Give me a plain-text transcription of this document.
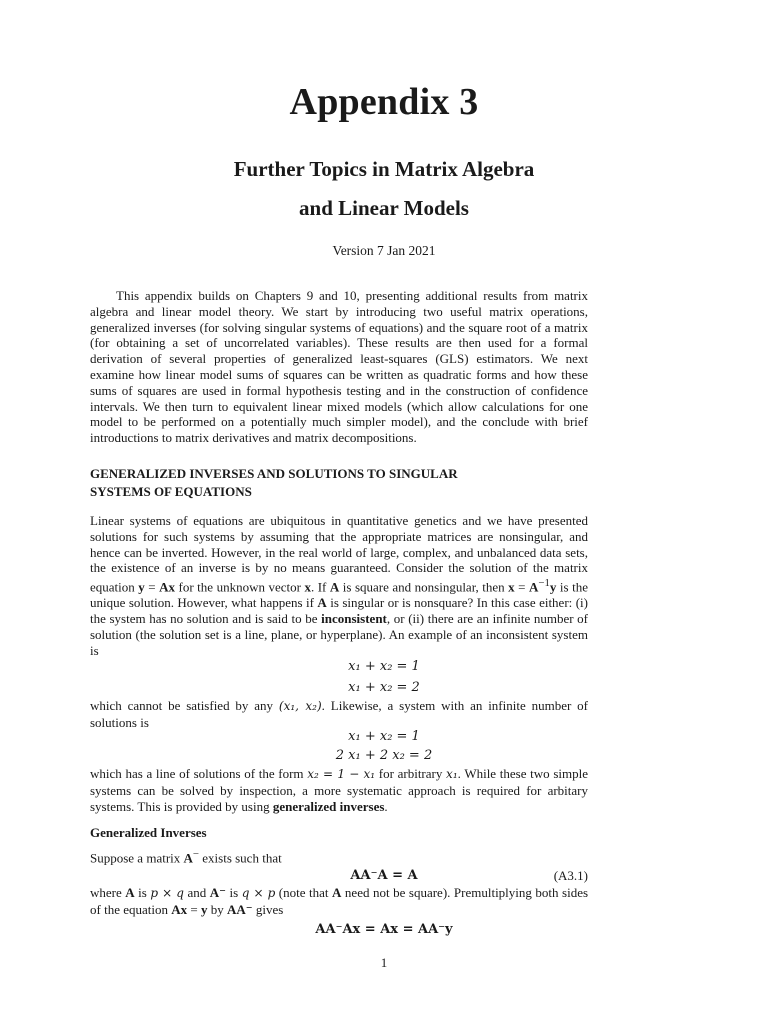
Appendix 3
Further Topics in Matrix Algebra
and Linear Models
Version 7 Jan 2021
This appendix builds on Chapters 9 and 10, presenting additional results from matrix algebra and linear model theory. We start by introducing two useful matrix operations, generalized inverses (for solving singular systems of equations) and the square root of a matrix (for obtaining a set of uncorrelated variables). These results are then used for a formal derivation of several properties of generalized least-squares (GLS) estimators. We next examine how linear model sums of squares can be written as quadratic forms and how these sums of squares are used in formal hypothesis testing and in the construction of confidence intervals. We then turn to equivalent linear mixed models (which allow calculations for one model to be performed on a potentially much simpler model), and the conclude with brief introductions to matrix derivatives and matrix decompositions.
GENERALIZED INVERSES AND SOLUTIONS TO SINGULAR
SYSTEMS OF EQUATIONS
Linear systems of equations are ubiquitous in quantitative genetics and we have presented solutions for such systems by assuming that the appropriate matrices are nonsingular, and hence can be inverted. However, in the real world of large, complex, and unbalanced data sets, the existence of an inverse is by no means guaranteed. Consider the solution of the matrix equation y = Ax for the unknown vector x. If A is square and nonsingular, then $x = A^{-1}y$ is the unique solution. However, what happens if A is singular or is nonsquare? In this case either: (i) the system has no solution and is said to be inconsistent, or (ii) there are an infinite number of solution (the solution set is a line, plane, or hyperplane). An example of an inconsistent system is
x₁ + x₂ = 1
x₁ + x₂ = 2
which cannot be satisfied by any (x₁, x₂). Likewise, a system with an infinite number of solutions is
x₁ + x₂ = 1
2 x₁ + 2 x₂ = 2
which has a line of solutions of the form x₂ = 1 − x₁ for arbitrary x₁. While these two simple systems can be solved by inspection, a more systematic approach is required for arbitary systems. This is provided by using generalized inverses.
Generalized Inverses
Suppose a matrix A− exists such that
AA⁻A = A	(A3.1)
where A is p × q and A⁻ is q × p (note that A need not be square). Premultiplying both sides of the equation Ax = y by AA⁻ gives
AA⁻Ax = Ax = AA⁻y
1
